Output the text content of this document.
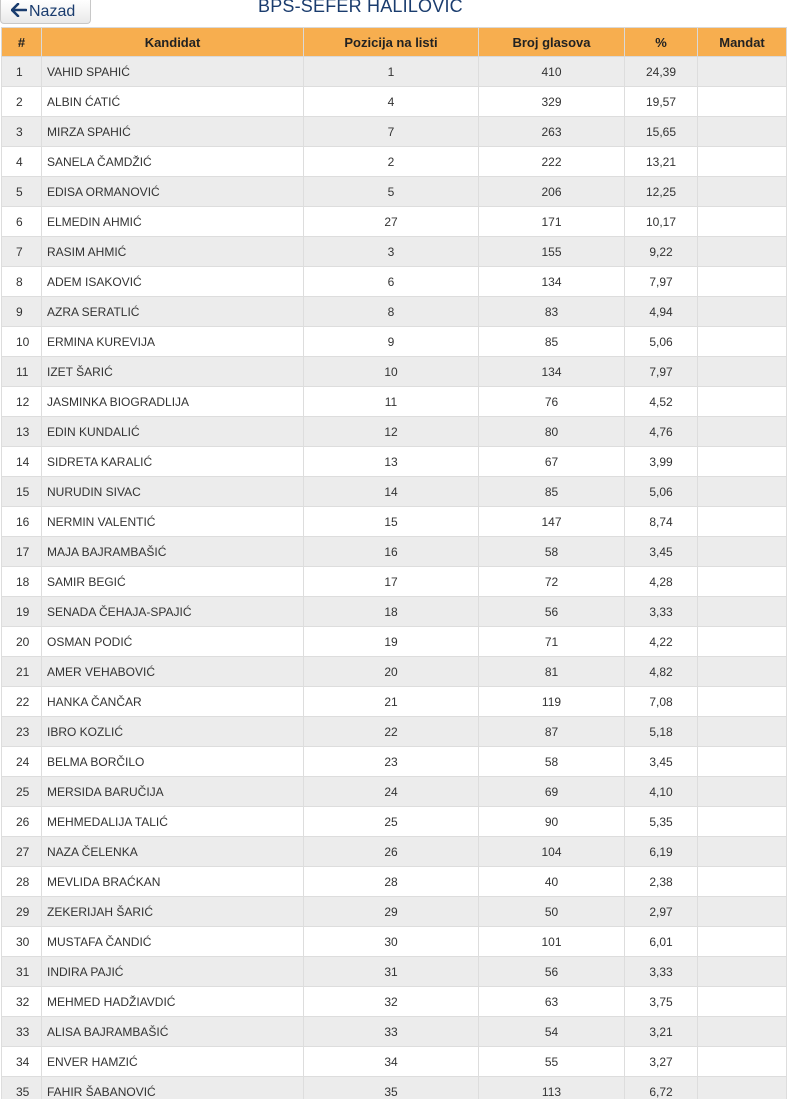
Nazad	BPS-SEFER HALILOVIC
#	Kandidat	Pozicija na listi	Broj glasova	%	Mandat
1	VAHID SPAHIĆ	1	410	24,39	
2	ALBIN ĆATIĆ	4	329	19,57	
3	MIRZA SPAHIĆ	7	263	15,65	
4	SANELA ČAMDŽIĆ	2	222	13,21	
5	EDISA ORMANOVIĆ	5	206	12,25	
6	ELMEDIN AHMIĆ	27	171	10,17	
7	RASIM AHMIĆ	3	155	9,22	
8	ADEM ISAKOVIĆ	6	134	7,97	
9	AZRA SERATLIĆ	8	83	4,94	
10	ERMINA KUREVIJA	9	85	5,06	
11	IZET ŠARIĆ	10	134	7,97	
12	JASMINKA BIOGRADLIJA	11	76	4,52	
13	EDIN KUNDALIĆ	12	80	4,76	
14	SIDRETA KARALIĆ	13	67	3,99	
15	NURUDIN SIVAC	14	85	5,06	
16	NERMIN VALENTIĆ	15	147	8,74	
17	MAJA BAJRAMBAŠIĆ	16	58	3,45	
18	SAMIR BEGIĆ	17	72	4,28	
19	SENADA ČEHAJA-SPAJIĆ	18	56	3,33	
20	OSMAN PODIĆ	19	71	4,22	
21	AMER VEHABOVIĆ	20	81	4,82	
22	HANKA ČANČAR	21	119	7,08	
23	IBRO KOZLIĆ	22	87	5,18	
24	BELMA BORČILO	23	58	3,45	
25	MERSIDA BARUČIJA	24	69	4,10	
26	MEHMEDALIJA TALIĆ	25	90	5,35	
27	NAZA ČELENKA	26	104	6,19	
28	MEVLIDA BRAĆKAN	28	40	2,38	
29	ZEKERIJAH ŠARIĆ	29	50	2,97	
30	MUSTAFA ČANDIĆ	30	101	6,01	
31	INDIRA PAJIĆ	31	56	3,33	
32	MEHMED HADŽIAVDIĆ	32	63	3,75	
33	ALISA BAJRAMBAŠIĆ	33	54	3,21	
34	ENVER HAMZIĆ	34	55	3,27	
35	FAHIR ŠABANOVIĆ	35	113	6,72	
